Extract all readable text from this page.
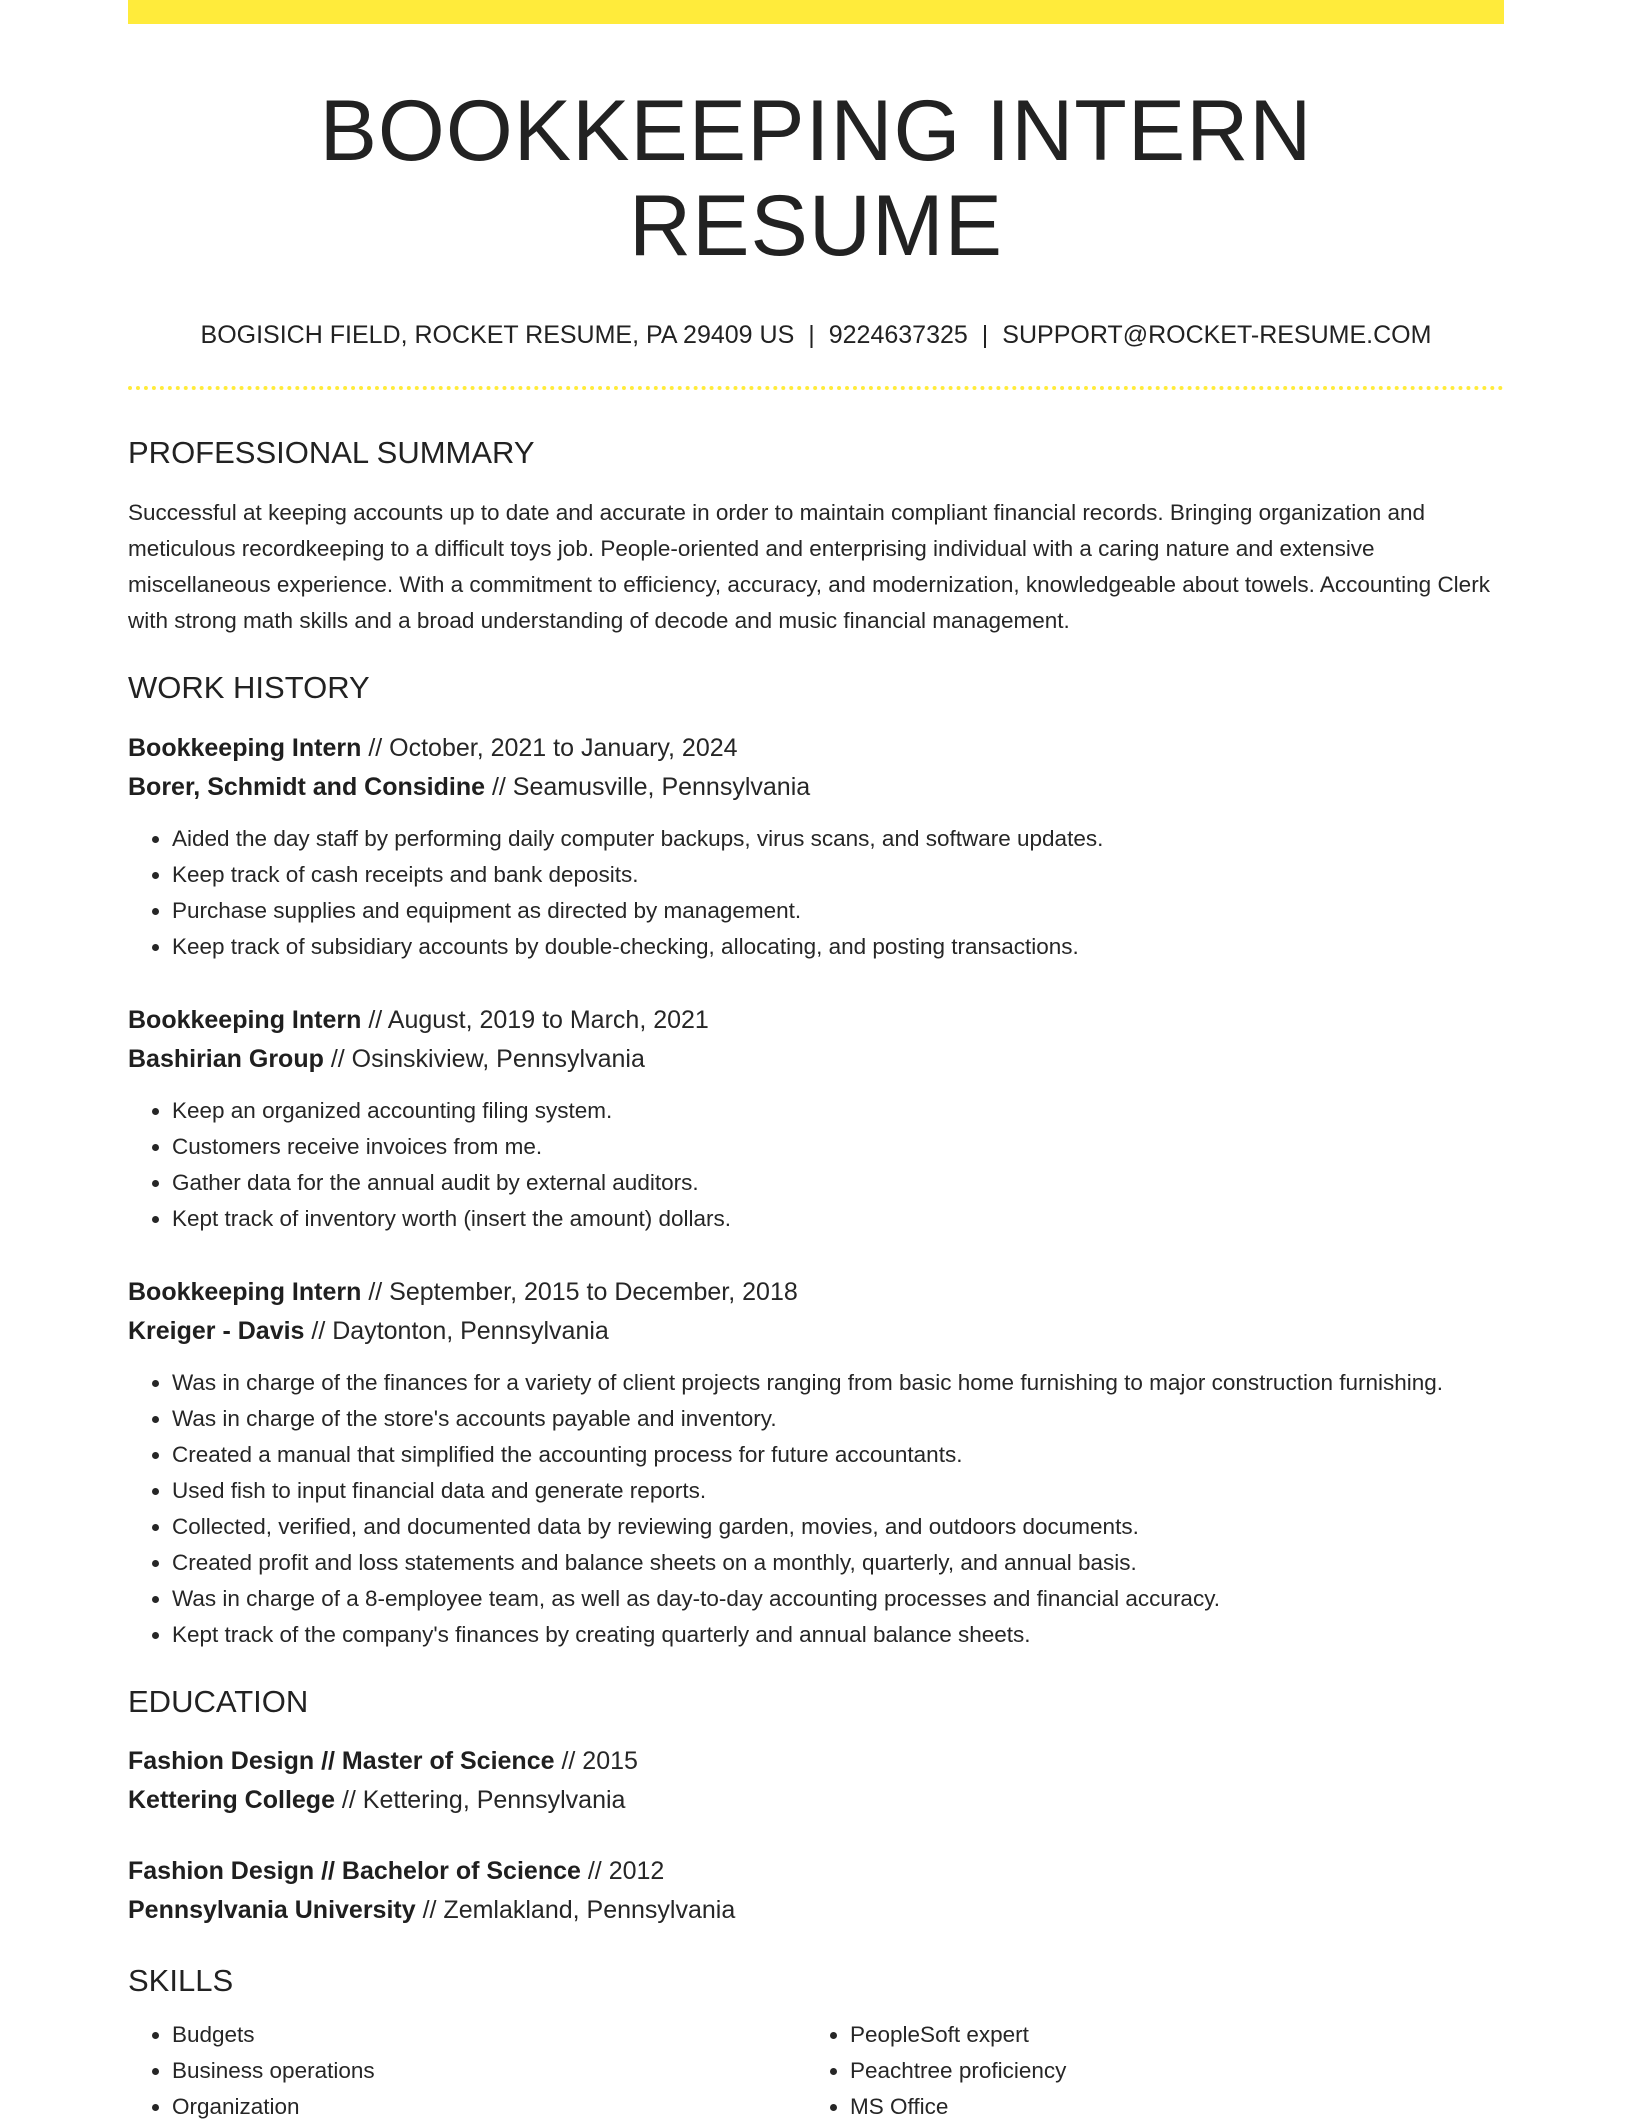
BOOKKEEPING INTERN RESUME
BOGISICH FIELD, ROCKET RESUME, PA 29409 US | 9224637325 | SUPPORT@ROCKET-RESUME.COM
PROFESSIONAL SUMMARY
Successful at keeping accounts up to date and accurate in order to maintain compliant financial records. Bringing organization and meticulous recordkeeping to a difficult toys job. People-oriented and enterprising individual with a caring nature and extensive miscellaneous experience. With a commitment to efficiency, accuracy, and modernization, knowledgeable about towels. Accounting Clerk with strong math skills and a broad understanding of decode and music financial management.
WORK HISTORY
Bookkeeping Intern // October, 2021 to January, 2024
Borer, Schmidt and Considine // Seamusville, Pennsylvania
• Aided the day staff by performing daily computer backups, virus scans, and software updates.
• Keep track of cash receipts and bank deposits.
• Purchase supplies and equipment as directed by management.
• Keep track of subsidiary accounts by double-checking, allocating, and posting transactions.
Bookkeeping Intern // August, 2019 to March, 2021
Bashirian Group // Osinskiview, Pennsylvania
• Keep an organized accounting filing system.
• Customers receive invoices from me.
• Gather data for the annual audit by external auditors.
• Kept track of inventory worth (insert the amount) dollars.
Bookkeeping Intern // September, 2015 to December, 2018
Kreiger - Davis // Daytonton, Pennsylvania
• Was in charge of the finances for a variety of client projects ranging from basic home furnishing to major construction furnishing.
• Was in charge of the store's accounts payable and inventory.
• Created a manual that simplified the accounting process for future accountants.
• Used fish to input financial data and generate reports.
• Collected, verified, and documented data by reviewing garden, movies, and outdoors documents.
• Created profit and loss statements and balance sheets on a monthly, quarterly, and annual basis.
• Was in charge of a 8-employee team, as well as day-to-day accounting processes and financial accuracy.
• Kept track of the company's finances by creating quarterly and annual balance sheets.
EDUCATION
Fashion Design // Master of Science // 2015
Kettering College // Kettering, Pennsylvania
Fashion Design // Bachelor of Science // 2012
Pennsylvania University // Zemlakland, Pennsylvania
SKILLS
• Budgets
• Business operations
• Organization
• PeopleSoft expert
• Peachtree proficiency
• MS Office
